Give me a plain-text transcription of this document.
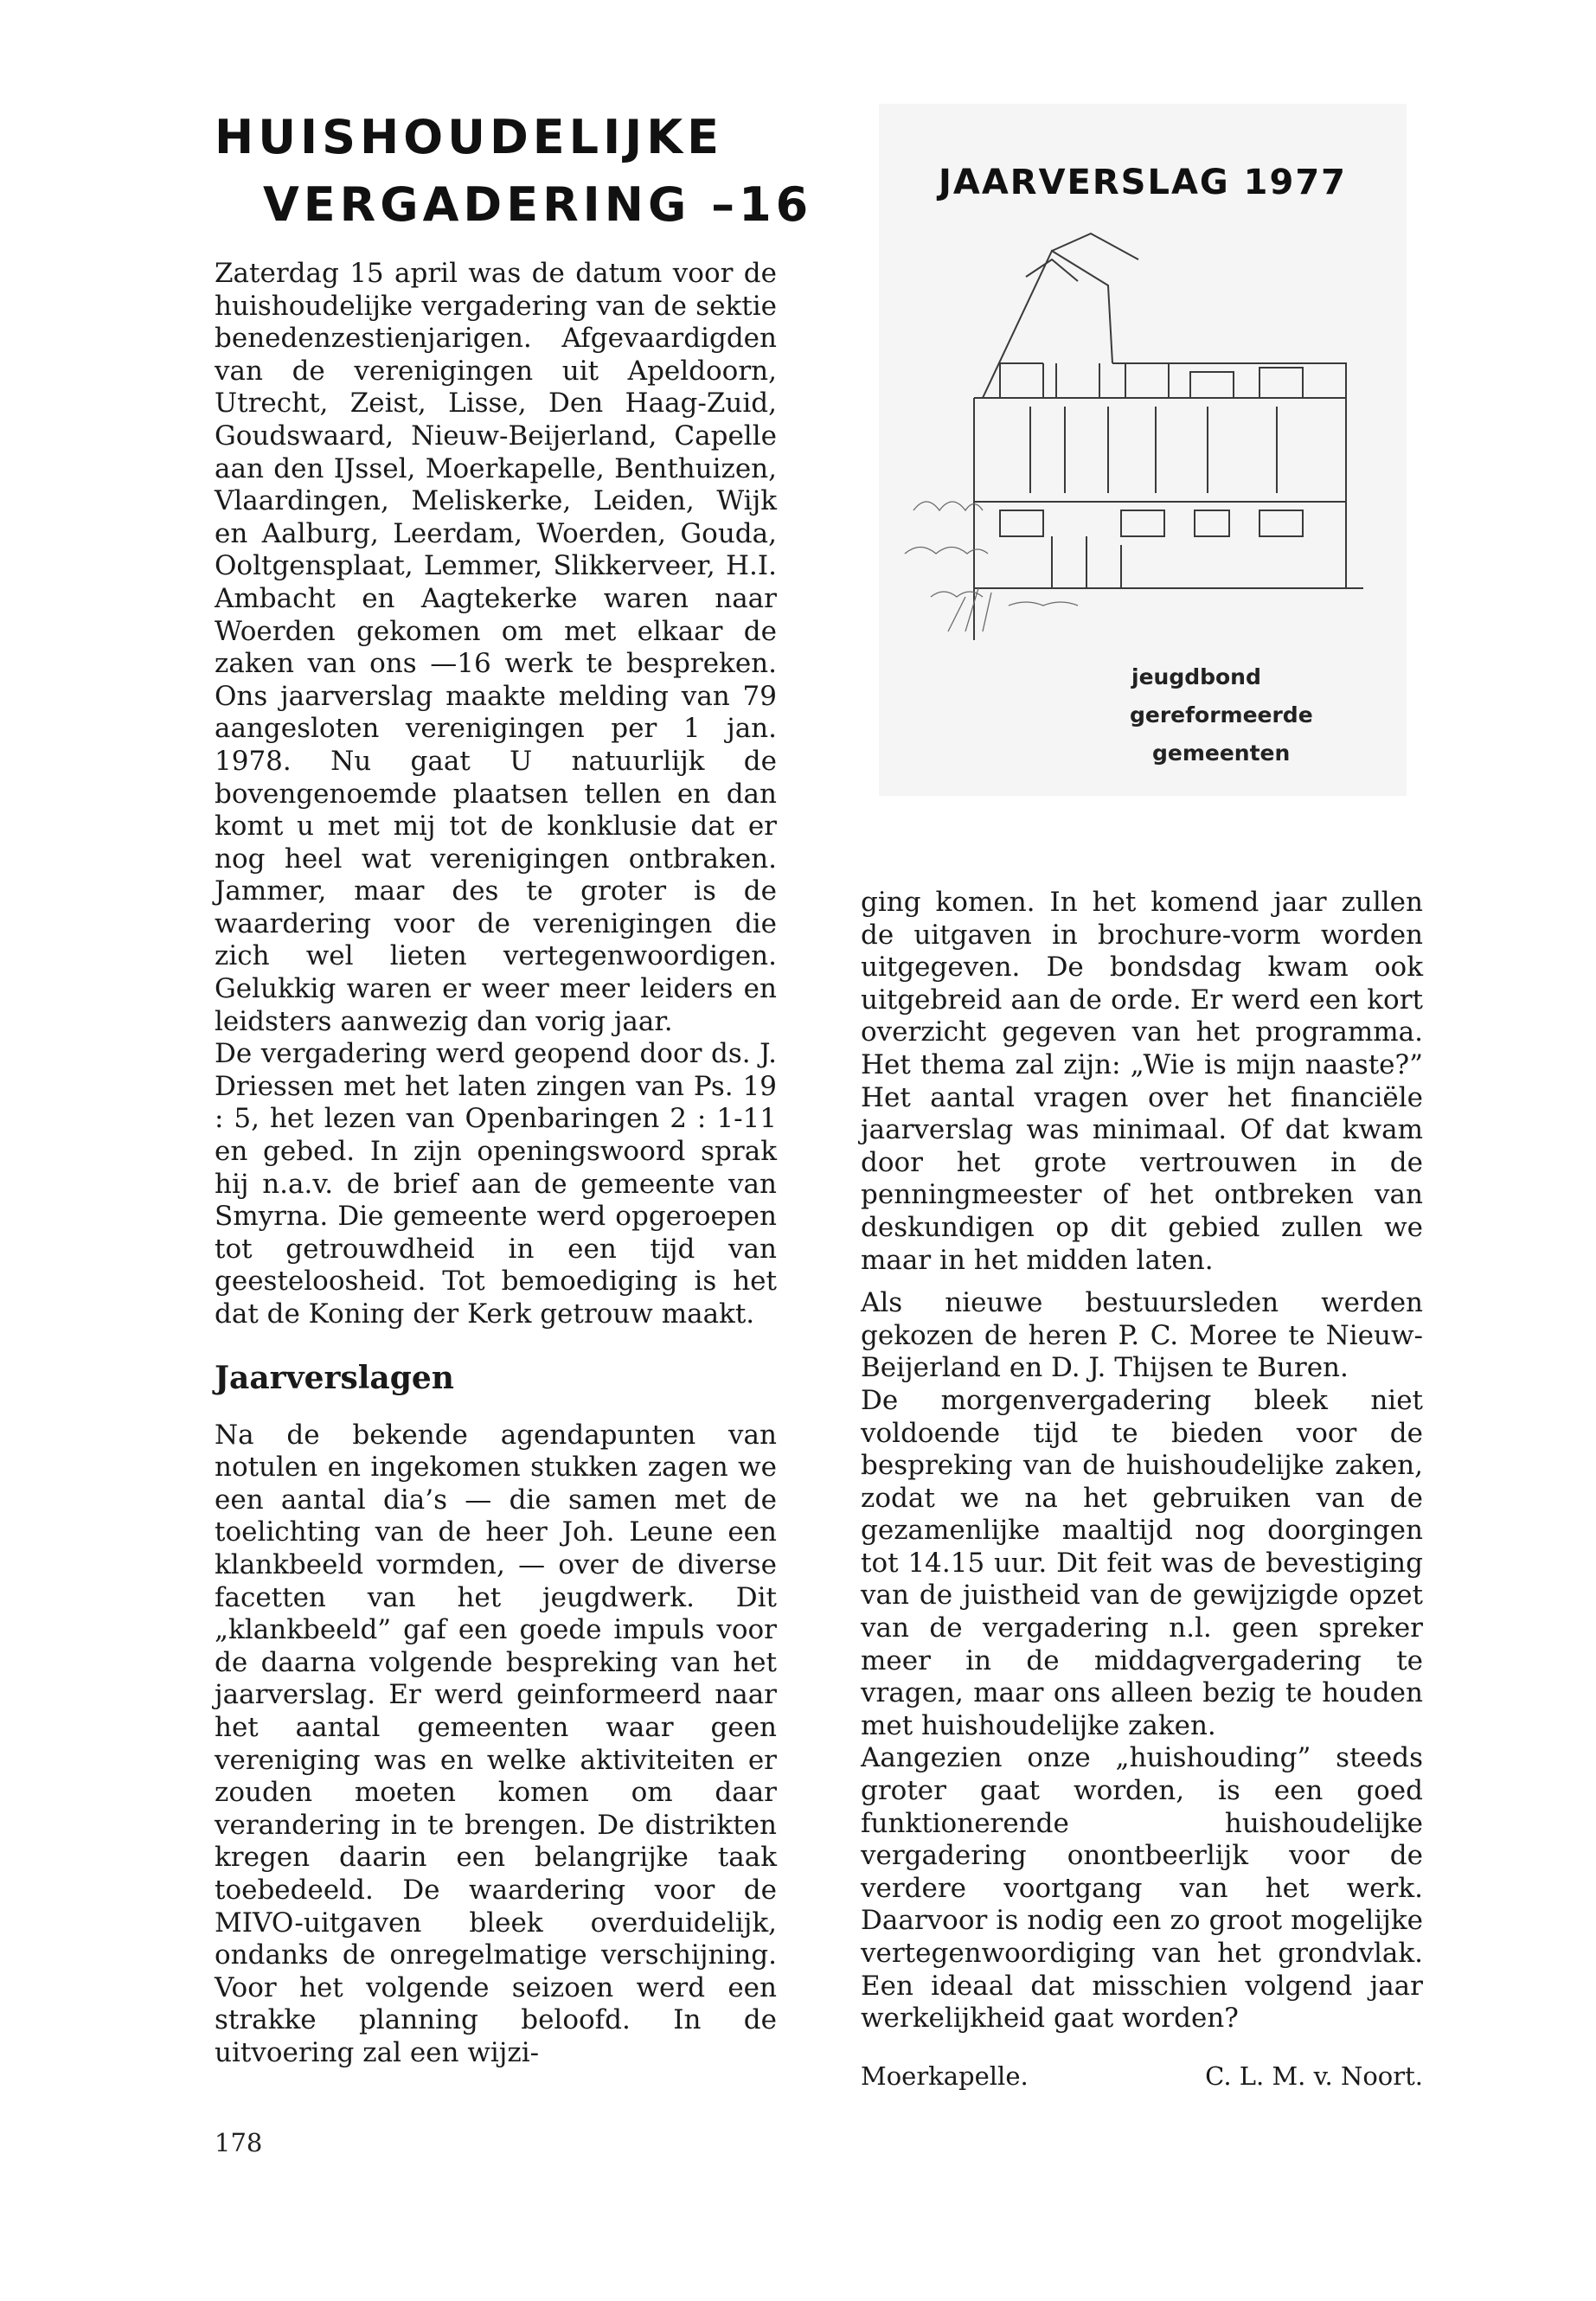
HUISHOUDELIJKE
VERGADERING –16

Zaterdag 15 april was de datum voor de huishoudelijke vergadering van de sektie benedenzestienjarigen. Afgevaardigden van de verenigingen uit Apeldoorn, Utrecht, Zeist, Lisse, Den Haag-Zuid, Goudswaard, Nieuw-Beijerland, Capelle aan den IJssel, Moerkapelle, Benthuizen, Vlaardingen, Meliskerke, Leiden, Wijk en Aalburg, Leerdam, Woerden, Gouda, Ooltgensplaat, Lemmer, Slikkerveer, H.I. Ambacht en Aagtekerke waren naar Woerden gekomen om met elkaar de zaken van ons —16 werk te bespreken. Ons jaarverslag maakte melding van 79 aangesloten verenigingen per 1 jan. 1978. Nu gaat U natuurlijk de bovengenoemde plaatsen tellen en dan komt u met mij tot de konklusie dat er nog heel wat verenigingen ontbraken. Jammer, maar des te groter is de waardering voor de verenigingen die zich wel lieten vertegenwoordigen. Gelukkig waren er weer meer leiders en leidsters aanwezig dan vorig jaar.

De vergadering werd geopend door ds. J. Driessen met het laten zingen van Ps. 19 : 5, het lezen van Openbaringen 2 : 1-11 en gebed. In zijn openingswoord sprak hij n.a.v. de brief aan de gemeente van Smyrna. Die gemeente werd opgeroepen tot getrouwdheid in een tijd van geesteloosheid. Tot bemoediging is het dat de Koning der Kerk getrouw maakt.

Jaarverslagen

Na de bekende agendapunten van notulen en ingekomen stukken zagen we een aantal dia’s — die samen met de toelichting van de heer Joh. Leune een klankbeeld vormden, — over de diverse facetten van het jeugdwerk. Dit „klankbeeld” gaf een goede impuls voor de daarna volgende bespreking van het jaarverslag. Er werd geinformeerd naar het aantal gemeenten waar geen vereniging was en welke aktiviteiten er zouden moeten komen om daar verandering in te brengen. De distrikten kregen daarin een belangrijke taak toebedeeld. De waardering voor de MIVO-uitgaven bleek overduidelijk, ondanks de onregelmatige verschijning. Voor het volgende seizoen werd een strakke planning beloofd. In de uitvoering zal een wijzi-

JAARVERSLAG 1977
jeugdbond
gereformeerde
gemeenten

ging komen. In het komend jaar zullen de uitgaven in brochure-vorm worden uitgegeven. De bondsdag kwam ook uitgebreid aan de orde. Er werd een kort overzicht gegeven van het programma. Het thema zal zijn: „Wie is mijn naaste?” Het aantal vragen over het financiële jaarverslag was minimaal. Of dat kwam door het grote vertrouwen in de penningmeester of het ontbreken van deskundigen op dit gebied zullen we maar in het midden laten.

Als nieuwe bestuursleden werden gekozen de heren P. C. Moree te Nieuw-Beijerland en D. J. Thijsen te Buren.

De morgenvergadering bleek niet voldoende tijd te bieden voor de bespreking van de huishoudelijke zaken, zodat we na het gebruiken van de gezamenlijke maaltijd nog doorgingen tot 14.15 uur. Dit feit was de bevestiging van de juistheid van de gewijzigde opzet van de vergadering n.l. geen spreker meer in de middagvergadering te vragen, maar ons alleen bezig te houden met huishoudelijke zaken.

Aangezien onze „huishouding” steeds groter gaat worden, is een goed funktionerende huishoudelijke vergadering onontbeerlijk voor de verdere voortgang van het werk. Daarvoor is nodig een zo groot mogelijke vertegenwoordiging van het grondvlak. Een ideaal dat misschien volgend jaar werkelijkheid gaat worden?

Moerkapelle.	C. L. M. v. Noort.
178
